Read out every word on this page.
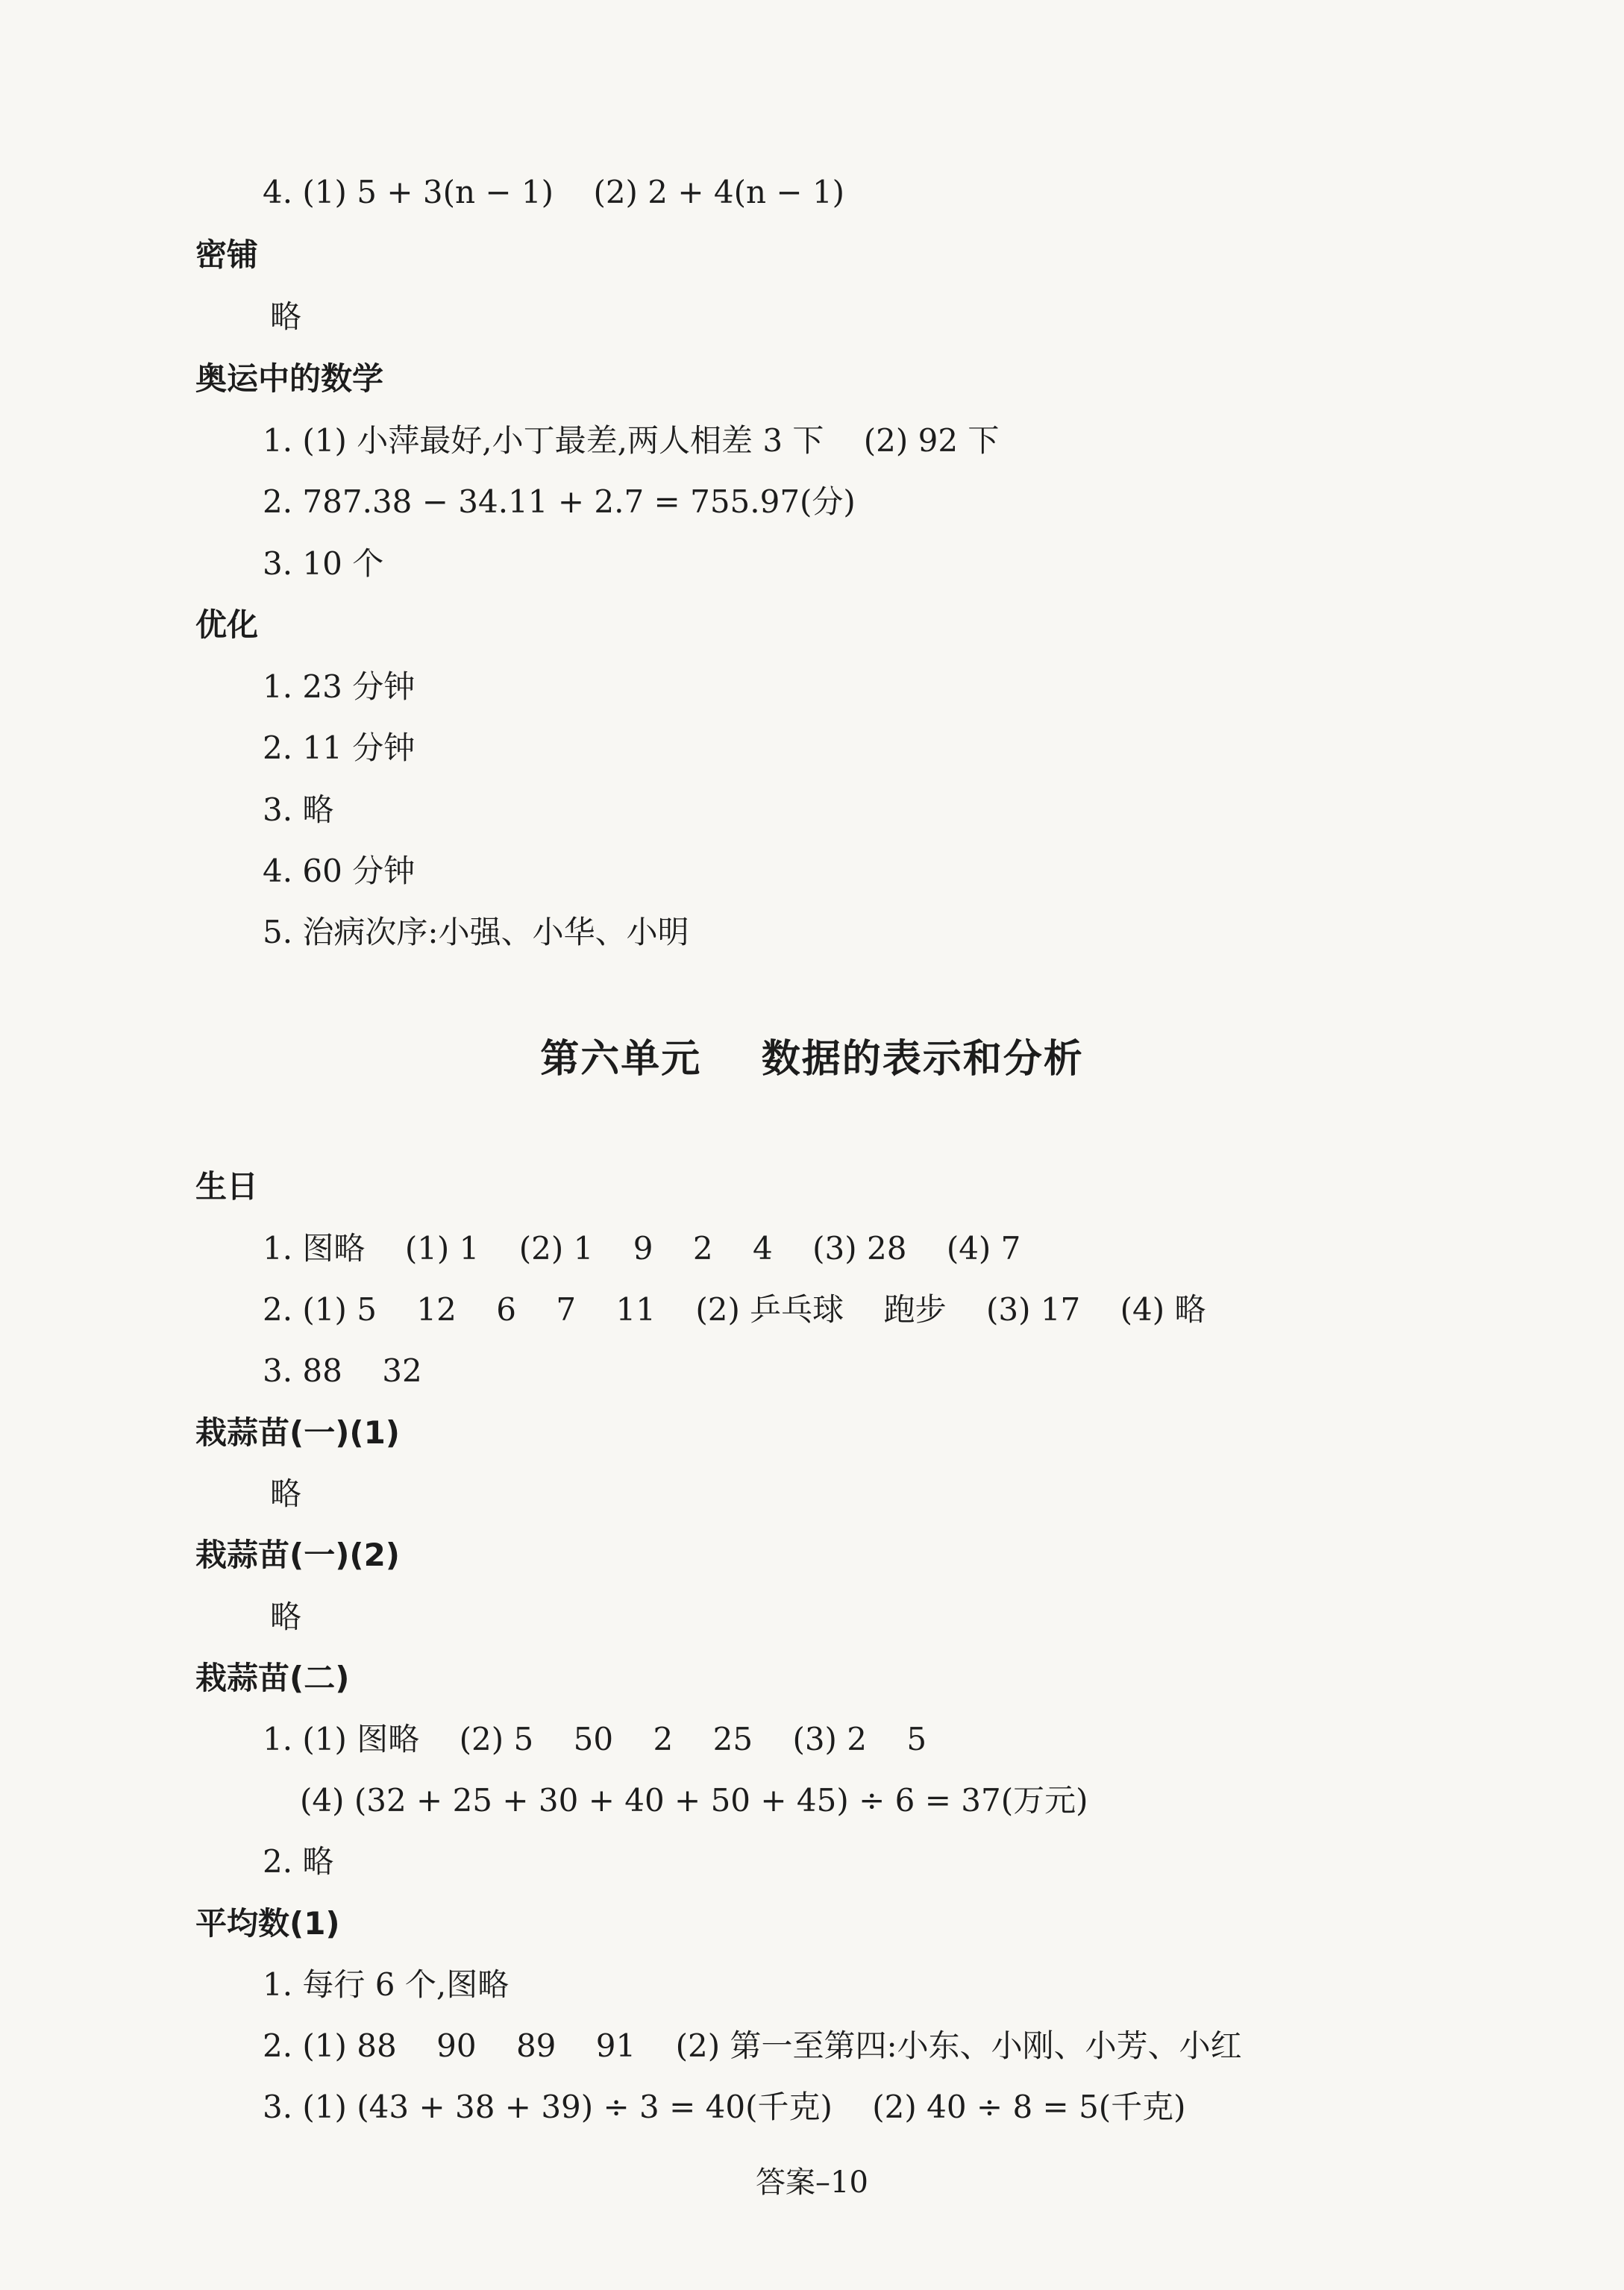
4. (1) 5 + 3(n − 1)    (2) 2 + 4(n − 1)
密铺
略
奥运中的数学
1. (1) 小萍最好,小丁最差,两人相差 3 下    (2) 92 下
2. 787.38 − 34.11 + 2.7 = 755.97(分)
3. 10 个
优化
1. 23 分钟
2. 11 分钟
3. 略
4. 60 分钟
5. 治病次序:小强、小华、小明
第六单元    数据的表示和分析
生日
1. 图略    (1) 1    (2) 1    9    2    4    (3) 28    (4) 7
2. (1) 5    12    6    7    11    (2) 乒乓球    跑步    (3) 17    (4) 略
3. 88    32
栽蒜苗(一)(1)
略
栽蒜苗(一)(2)
略
栽蒜苗(二)
1. (1) 图略    (2) 5    50    2    25    (3) 2    5
(4) (32 + 25 + 30 + 40 + 50 + 45) ÷ 6 = 37(万元)
2. 略
平均数(1)
1. 每行 6 个,图略
2. (1) 88    90    89    91    (2) 第一至第四:小东、小刚、小芳、小红
3. (1) (43 + 38 + 39) ÷ 3 = 40(千克)    (2) 40 ÷ 8 = 5(千克)
答案–10
